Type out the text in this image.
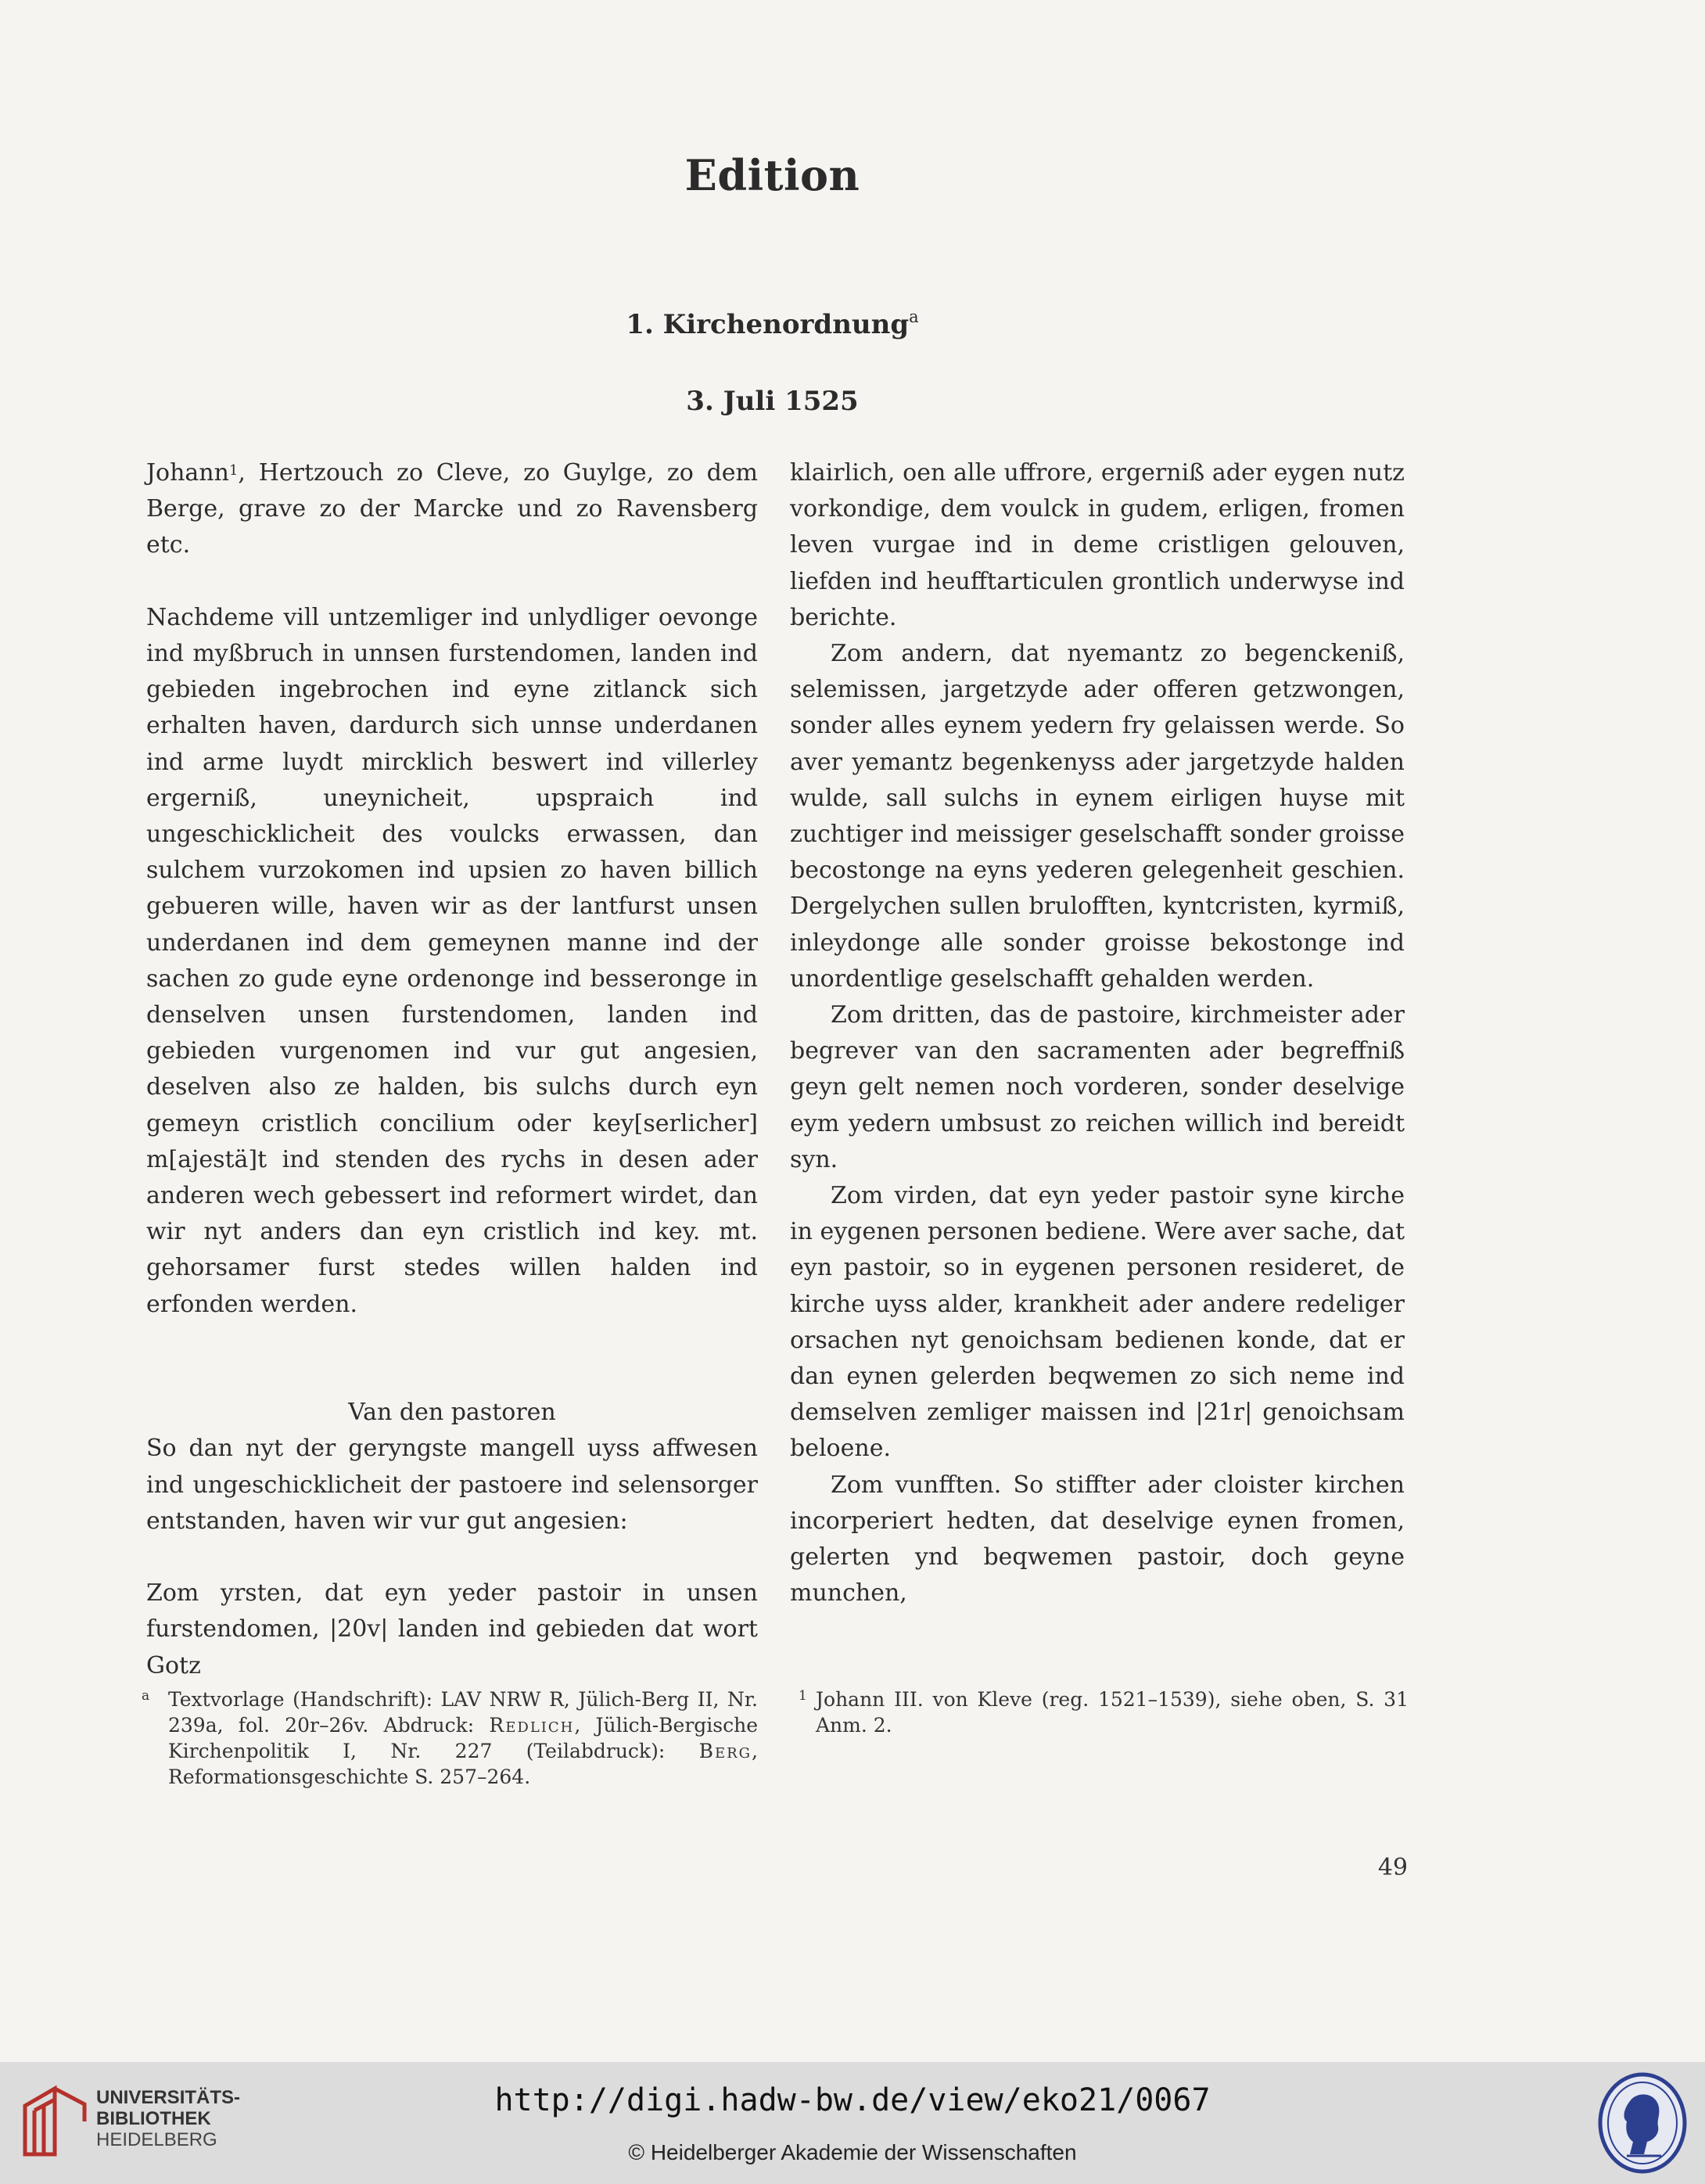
Edition
1. Kirchenordnung$^a$
3. Juli 1525

Johann$^1$, Hertzouch zo Cleve, zo Guylge, zo dem Berge, grave zo der Marcke und zo Ravensberg etc.

Nachdeme vill untzemliger ind unlydliger oevonge ind myßbruch in unnsen furstendomen, landen ind gebieden ingebrochen ind eyne zitlanck sich erhalten haven, dardurch sich unnse underdanen ind arme luydt mircklich beswert ind villerley ergerniß, uneynicheit, upspraich ind ungeschicklicheit des voulcks erwassen, dan sulchem vurzokomen ind upsien zo haven billich gebueren wille, haven wir as der lantfurst unsen underdanen ind dem gemeynen manne ind der sachen zo gude eyne ordenonge ind besseronge in denselven unsen furstendomen, landen ind gebieden vurgenomen ind vur gut angesien, deselven also ze halden, bis sulchs durch eyn gemeyn cristlich concilium oder key[serlicher] m[ajestä]t ind stenden des rychs in desen ader anderen wech gebessert ind reformert wirdet, dan wir nyt anders dan eyn cristlich ind key. mt. gehorsamer furst stedes willen halden ind erfonden werden.

Van den pastoren

So dan nyt der geryngste mangell uyss affwesen ind ungeschicklicheit der pastoere ind selensorger entstanden, haven wir vur gut angesien:

Zom yrsten, dat eyn yeder pastoir in unsen furstendomen, |20v| landen ind gebieden dat wort Gotz

klairlich, oen alle uffrore, ergerniß ader eygen nutz vorkondige, dem voulck in gudem, erligen, fromen leven vurgae ind in deme cristligen gelouven, liefden ind heufftarticulen grontlich underwyse ind berichte.

Zom andern, dat nyemantz zo begenckeniß, selemissen, jargetzyde ader offeren getzwongen, sonder alles eynem yedern fry gelaissen werde. So aver yemantz begenkenyss ader jargetzyde halden wulde, sall sulchs in eynem eirligen huyse mit zuchtiger ind meissiger geselschafft sonder groisse becostonge na eyns yederen gelegenheit geschien. Dergelychen sullen brulofften, kyntcristen, kyrmiß, inleydonge alle sonder groisse bekostonge ind unordentlige geselschafft gehalden werden.

Zom dritten, das de pastoire, kirchmeister ader begrever van den sacramenten ader begreffniß geyn gelt nemen noch vorderen, sonder deselvige eym yedern umbsust zo reichen willich ind bereidt syn.

Zom virden, dat eyn yeder pastoir syne kirche in eygenen personen bediene. Were aver sache, dat eyn pastoir, so in eygenen personen resideret, de kirche uyss alder, krankheit ader andere redeliger orsachen nyt genoichsam bedienen konde, dat er dan eynen gelerden beqwemen zo sich neme ind demselven zemliger maissen ind |21r| genoichsam beloene.

Zom vunfften. So stiffter ader cloister kirchen incorperiert hedten, dat deselvige eynen fromen, gelerten ynd beqwemen pastoir, doch geyne munchen,

a Textvorlage (Handschrift): LAV NRW R, Jülich-Berg II, Nr. 239a, fol. 20r–26v. Abdruck: Redlich, Jülich-Bergische Kirchenpolitik I, Nr. 227 (Teilabdruck): Berg, Reformationsgeschichte S. 257–264.
1 Johann III. von Kleve (reg. 1521–1539), siehe oben, S. 31 Anm. 2.
49
UNIVERSITÄTS-
BIBLIOTHEK
HEIDELBERG
http://digi.hadw-bw.de/view/eko21/0067
© Heidelberger Akademie der Wissenschaften
